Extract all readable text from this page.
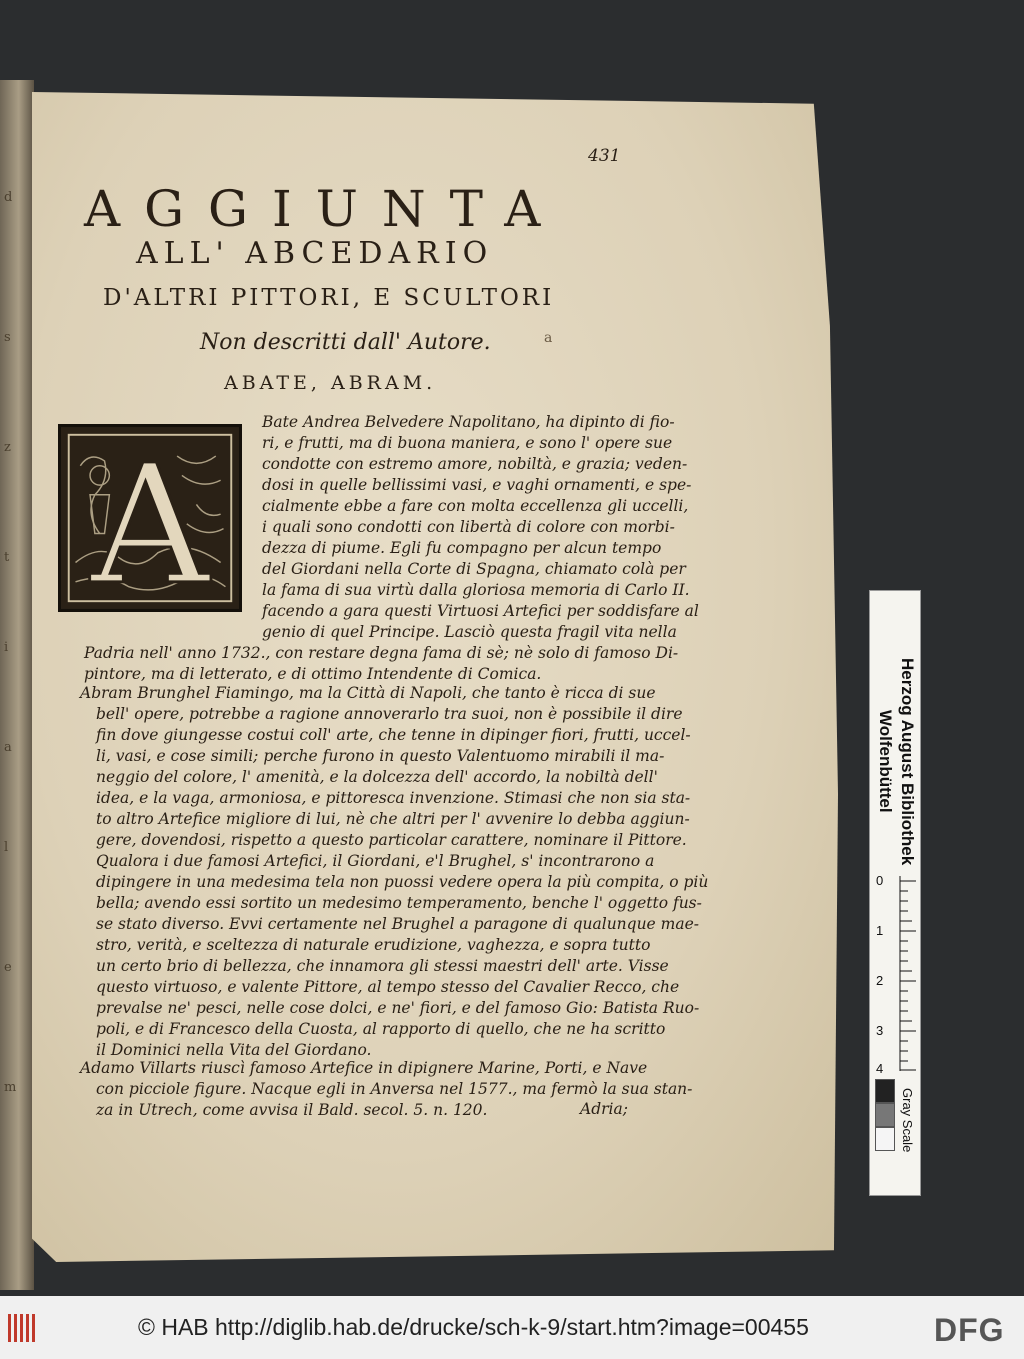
d
s
z
t
i
a
l
e
m
431
AGGIUNTA
ALL' ABCEDARIO
D'ALTRI PITTORI, E SCULTORI
Non descritti dall' Autore.	a
ABATE, ABRAM.
A
Bate Andrea Belvedere Napolitano, ha dipinto di fio-
ri, e frutti, ma di buona maniera, e sono l' opere sue
condotte con estremo amore, nobiltà, e grazia; veden-
dosi in quelle bellissimi vasi, e vaghi ornamenti, e spe-
cialmente ebbe a fare con molta eccellenza gli uccelli,
i quali sono condotti con libertà di colore con morbi-
dezza di piume. Egli fu compagno per alcun tempo
del Giordani nella Corte di Spagna, chiamato colà per
la fama di sua virtù dalla gloriosa memoria di Carlo II.
facendo a gara questi Virtuosi Artefici per soddisfare al
genio di quel Principe. Lasciò questa fragil vita nella
Padria nell' anno 1732., con restare degna fama di sè; nè solo di famoso Di-
pintore, ma di letterato, e di ottimo Intendente di Comica.
Abram Brunghel Fiamingo, ma la Città di Napoli, che tanto è ricca di sue
bell' opere, potrebbe a ragione annoverarlo tra suoi, non è possibile il dire
fin dove giungesse costui coll' arte, che tenne in dipinger fiori, frutti, uccel-
li, vasi, e cose simili; perche furono in questo Valentuomo mirabili il ma-
neggio del colore, l' amenità, e la dolcezza dell' accordo, la nobiltà dell'
idea, e la vaga, armoniosa, e pittoresca invenzione. Stimasi che non sia sta-
to altro Artefice migliore di lui, nè che altri per l' avvenire lo debba aggiun-
gere, dovendosi, rispetto a questo particolar carattere, nominare il Pittore.
Qualora i due famosi Artefici, il Giordani, e'l Brughel, s' incontrarono a
dipingere in una medesima tela non puossi vedere opera la più compita, o più
bella; avendo essi sortito un medesimo temperamento, benche l' oggetto fus-
se stato diverso. Evvi certamente nel Brughel a paragone di qualunque mae-
stro, verità, e sceltezza di naturale erudizione, vaghezza, e sopra tutto
un certo brio di bellezza, che innamora gli stessi maestri dell' arte. Visse
questo virtuoso, e valente Pittore, al tempo stesso del Cavalier Recco, che
prevalse ne' pesci, nelle cose dolci, e ne' fiori, e del famoso Gio: Batista Ruo-
poli, e di Francesco della Cuosta, al rapporto di quello, che ne ha scritto
il Dominici nella Vita del Giordano.
Adamo Villarts riuscì famoso Artefice in dipignere Marine, Porti, e Nave
con picciole figure. Nacque egli in Anversa nel 1577., ma fermò la sua stan-
za in Utrech, come avvisa il Bald. secol. 5. n. 120.	Adria;
Herzog August Bibliothek
Wolfenbüttel
0
1
2
3
4
Gray Scale
© HAB http://diglib.hab.de/drucke/sch-k-9/start.htm?image=00455	DFG
